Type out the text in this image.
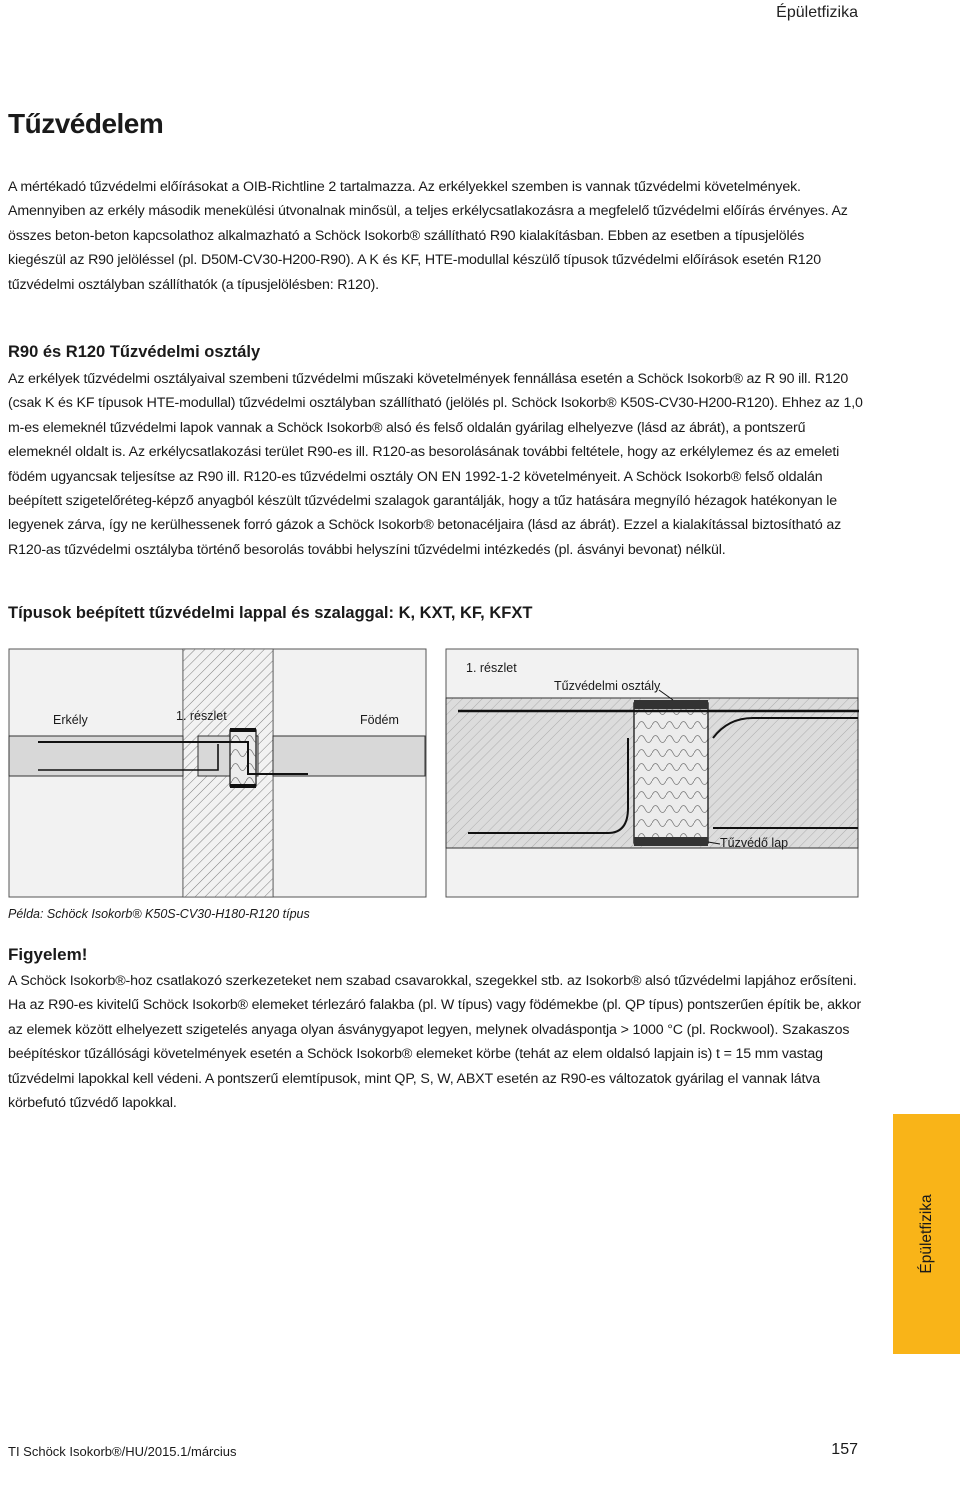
Épületfizika
Tűzvédelem

A mértékadó tűzvédelmi előírásokat a OIB-Richtline 2 tartalmazza. Az erkélyekkel szemben is vannak tűzvédelmi követelmények. Amennyiben az erkély második menekülési útvonalnak minősül, a teljes erkélycsatlakozásra a megfelelő tűzvédelmi előírás érvényes. Az összes beton-beton kapcsolathoz alkalmazható a Schöck Isokorb® szállítható R90 kialakításban. Ebben az esetben a típusjelölés kiegészül az R90 jelöléssel (pl. D50M-CV30-H200-R90). A K és KF, HTE-modullal készülő típusok tűzvédelmi előírások esetén R120 tűzvédelmi osztályban szállíthatók (a típusjelölésben: R120).

R90 és R120 Tűzvédelmi osztály

Az erkélyek tűzvédelmi osztályaival szembeni tűzvédelmi műszaki követelmények fennállása esetén a Schöck Isokorb® az R 90 ill. R120 (csak K és KF típusok HTE-modullal) tűzvédelmi osztályban szállítható (jelölés pl. Schöck Isokorb® K50S-CV30-H200-R120). Ehhez az 1,0 m-es elemeknél tűzvédelmi lapok vannak a Schöck Isokorb® alsó és felső oldalán gyárilag elhelyezve (lásd az ábrát), a pontszerű elemeknél oldalt is. Az erkélycsatlakozási terület R90-es ill. R120-as besorolásának további feltétele, hogy az erkélylemez és az emeleti födém ugyancsak teljesítse az R90 ill. R120-es tűzvédelmi osztály ON EN 1992-1-2 követelményeit. A Schöck Isokorb® felső oldalán beépített szigetelőréteg-képző anyagból készült tűzvédelmi szalagok garantálják, hogy a tűz hatására megnyíló hézagok hatékonyan le legyenek zárva, így ne kerülhessenek forró gázok a Schöck Isokorb® betonacéljaira (lásd az ábrát). Ezzel a kialakítással biztosítható az R120-as tűzvédelmi osztályba történő besorolás további helyszíni tűzvédelmi intézkedés (pl. ásványi bevonat) nélkül.

Típusok beépített tűzvédelmi lappal és szalaggal: K, KXT, KF, KFXT
Erkély	1. részlet	Födém
1. részlet
Tűzvédelmi osztály
Tűzvédő lap
Példa: Schöck Isokorb® K50S-CV30-H180-R120 típus
Figyelem!

A Schöck Isokorb®-hoz csatlakozó szerkezeteket nem szabad csavarokkal, szegekkel stb. az Isokorb® alsó tűzvédelmi lapjához erősíteni. Ha az R90-es kivitelű Schöck Isokorb® elemeket térlezáró falakba (pl. W típus) vagy födémekbe (pl. QP típus) pontszerűen építik be, akkor az elemek között elhelyezett szigetelés anyaga olyan ásványgyapot legyen, melynek olvadáspontja > 1000 °C (pl. Rockwool). Szakaszos beépítéskor tűzállósági követelmények esetén a Schöck Isokorb® elemeket körbe (tehát az elem oldalsó lapjain is) t = 15 mm vastag tűzvédelmi lapokkal kell védeni. A pontszerű elemtípusok, mint QP, S, W, ABXT esetén az R90-es változatok gyárilag el vannak látva körbefutó tűzvédő lapokkal.

Épületfizika
TI Schöck Isokorb®/HU/2015.1/március	157
